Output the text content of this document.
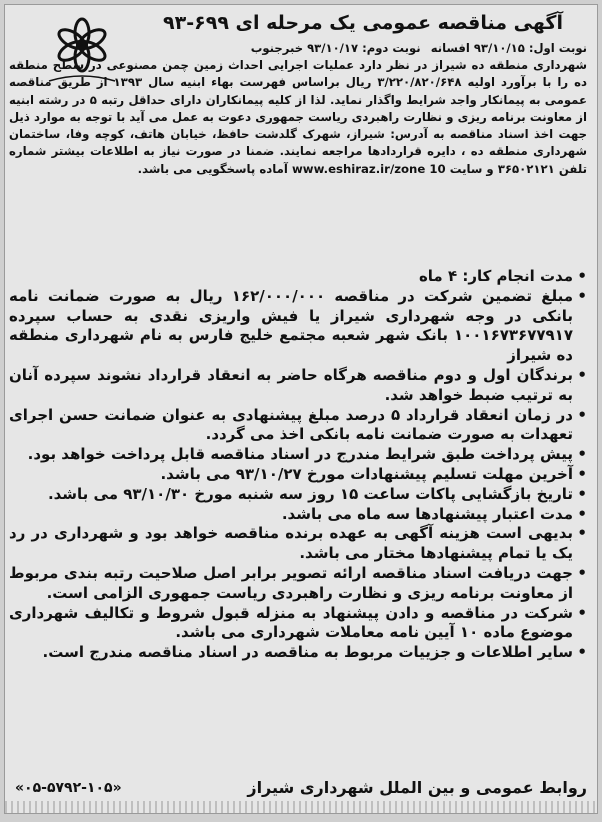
آگهی مناقصه عمومی یک مرحله ای ۶۹۹-۹۳
نوبت اول: ۹۳/۱۰/۱۵ افسانه نوبت دوم: ۹۳/۱۰/۱۷ خبرجنوب

شهرداری منطقه ده شیراز در نظر دارد عملیات اجرایی احداث زمین چمن مصنوعی در سطح منطقه ده را با برآورد اولیه ۳/۲۲۰/۸۲۰/۶۴۸ ریال براساس فهرست بهاء ابنیه سال ۱۳۹۳ از طریق مناقصه عمومی به پیمانکار واجد شرایط واگذار نماید. لذا از کلیه پیمانکاران دارای حداقل رتبه ۵ در رشته ابنیه از معاونت برنامه ریزی و نظارت راهبردی ریاست جمهوری دعوت به عمل می آید با توجه به موارد ذیل جهت اخذ اسناد مناقصه به آدرس: شیراز، شهرک گلدشت حافظ، خیابان هاتف، کوچه وفا، ساختمان شهرداری منطقه ده ، دایره قراردادها مراجعه نمایند. ضمنا در صورت نیاز به اطلاعات بیشتر شماره تلفن ۳۶۵۰۲۱۲۱ و سایت www.eshiraz.ir/zone 10 آماده پاسخگویی می باشد.

• مدت انجام کار: ۴ ماه
• مبلغ تضمین شرکت در مناقصه ۱۶۲/۰۰۰/۰۰۰ ریال به صورت ضمانت نامه بانکی در وجه شهرداری شیراز یا فیش واریزی نقدی به حساب سپرده ۱۰۰۱۶۷۳۶۷۷۹۱۷ بانک شهر شعبه مجتمع خلیج فارس به نام شهرداری منطقه ده شیراز
• برندگان اول و دوم مناقصه هرگاه حاضر به انعقاد قرارداد نشوند سپرده آنان به ترتیب ضبط خواهد شد.
• در زمان انعقاد قرارداد ۵ درصد مبلغ پیشنهادی به عنوان ضمانت حسن اجرای تعهدات به صورت ضمانت نامه بانکی اخذ می گردد.
• پیش پرداخت طبق شرایط مندرج در اسناد مناقصه قابل پرداخت خواهد بود.
• آخرین مهلت تسلیم پیشنهادات مورخ ۹۳/۱۰/۲۷ می باشد.
• تاریخ بازگشایی پاکات ساعت ۱۵ روز سه شنبه مورخ ۹۳/۱۰/۳۰ می باشد.
• مدت اعتبار پیشنهادها سه ماه می باشد.
• بدیهی است هزینه آگهی به عهده برنده مناقصه خواهد بود و شهرداری در رد یک یا تمام پیشنهادها مختار می باشد.
• جهت دریافت اسناد مناقصه ارائه تصویر برابر اصل صلاحیت رتبه بندی مربوط از معاونت برنامه ریزی و نظارت راهبردی ریاست جمهوری الزامی است.
• شرکت در مناقصه و دادن پیشنهاد به منزله قبول شروط و تکالیف شهرداری موضوع ماده ۱۰ آیین نامه معاملات شهرداری می باشد.
• سایر اطلاعات و جزییات مربوط به مناقصه در اسناد مناقصه مندرج است.
روابط عمومی و بین الملل شهرداری شیراز
«۰۵-۵۷۹۲-۱۰۵»
